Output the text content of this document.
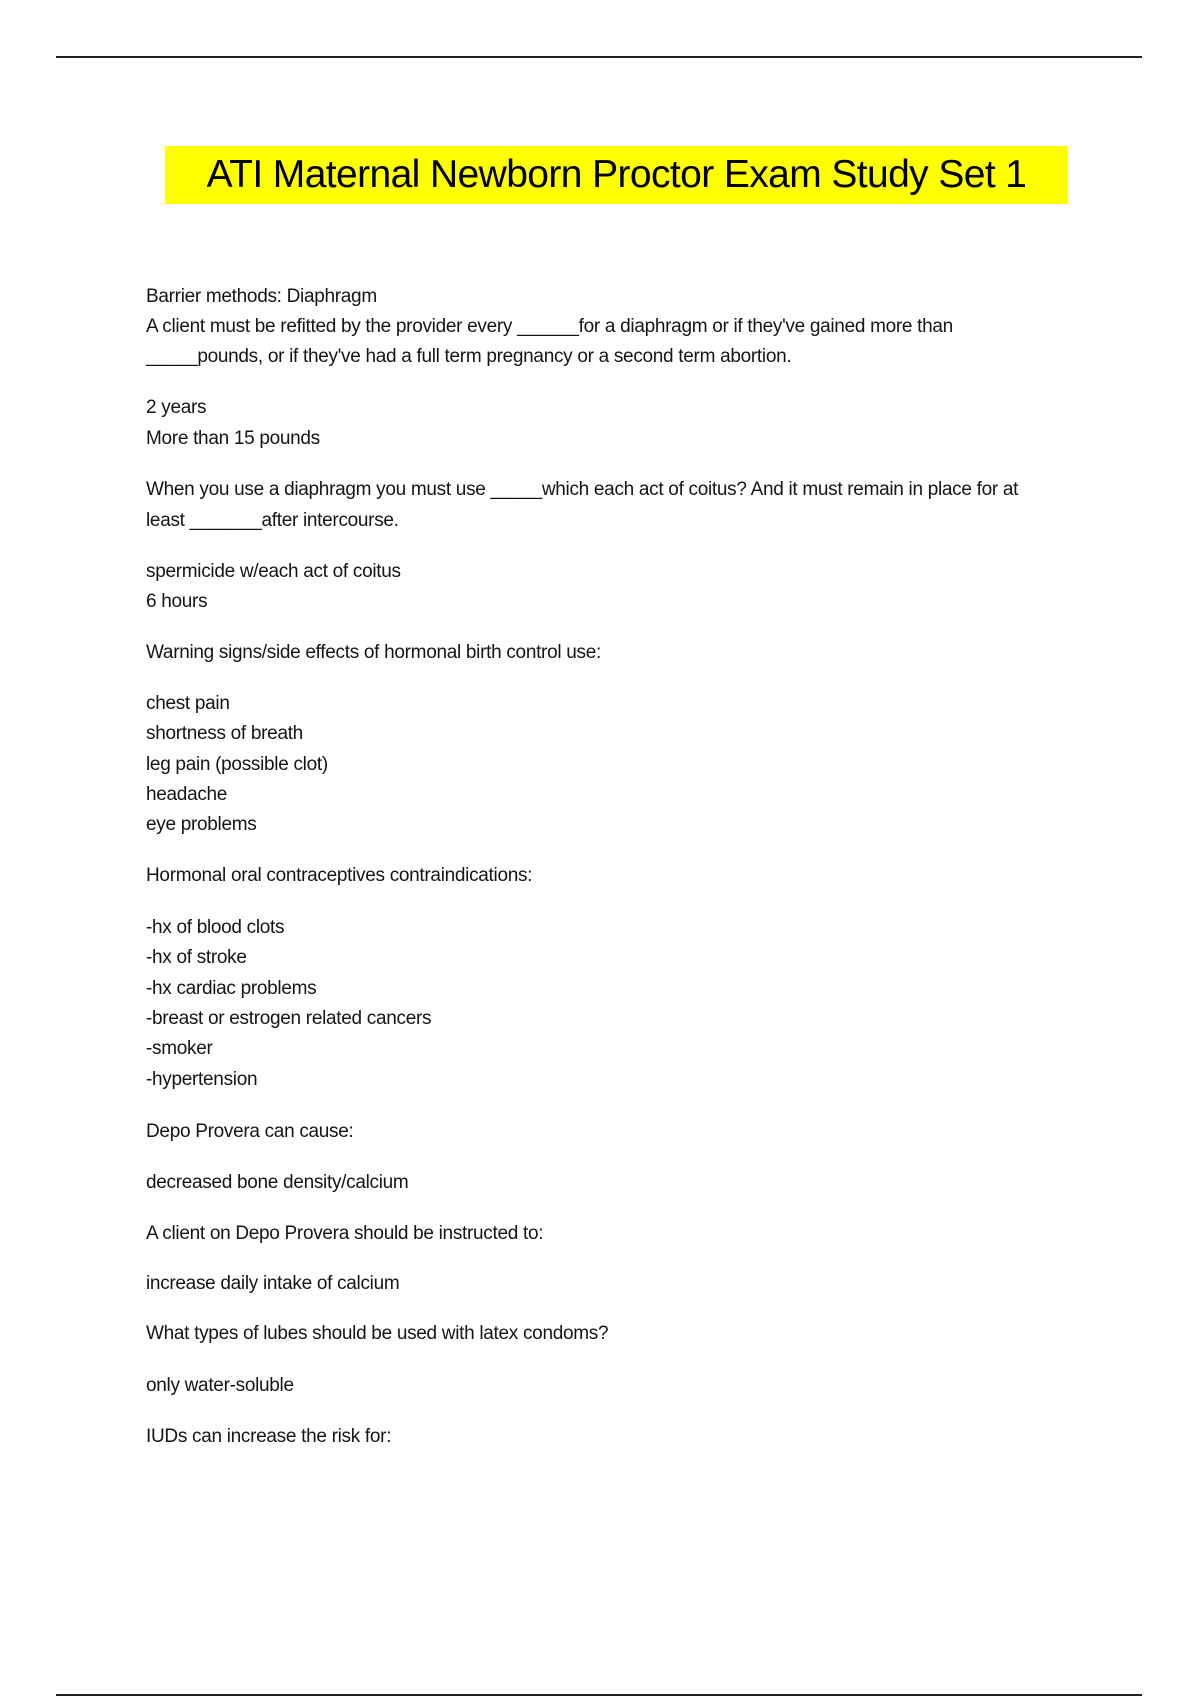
ATI Maternal Newborn Proctor Exam Study Set 1
Barrier methods: Diaphragm
A client must be refitted by the provider every ______for a diaphragm or if they've gained more than
_____pounds, or if they've had a full term pregnancy or a second term abortion.
2 years
More than 15 pounds
When you use a diaphragm you must use _____which each act of coitus? And it must remain in place for at
least _______after intercourse.
spermicide w/each act of coitus
6 hours
Warning signs/side effects of hormonal birth control use:
chest pain
shortness of breath
leg pain (possible clot)
headache
eye problems
Hormonal oral contraceptives contraindications:
-hx of blood clots
-hx of stroke
-hx cardiac problems
-breast or estrogen related cancers
-smoker
-hypertension
Depo Provera can cause:
decreased bone density/calcium
A client on Depo Provera should be instructed to:
increase daily intake of calcium
What types of lubes should be used with latex condoms?
only water-soluble
IUDs can increase the risk for:
